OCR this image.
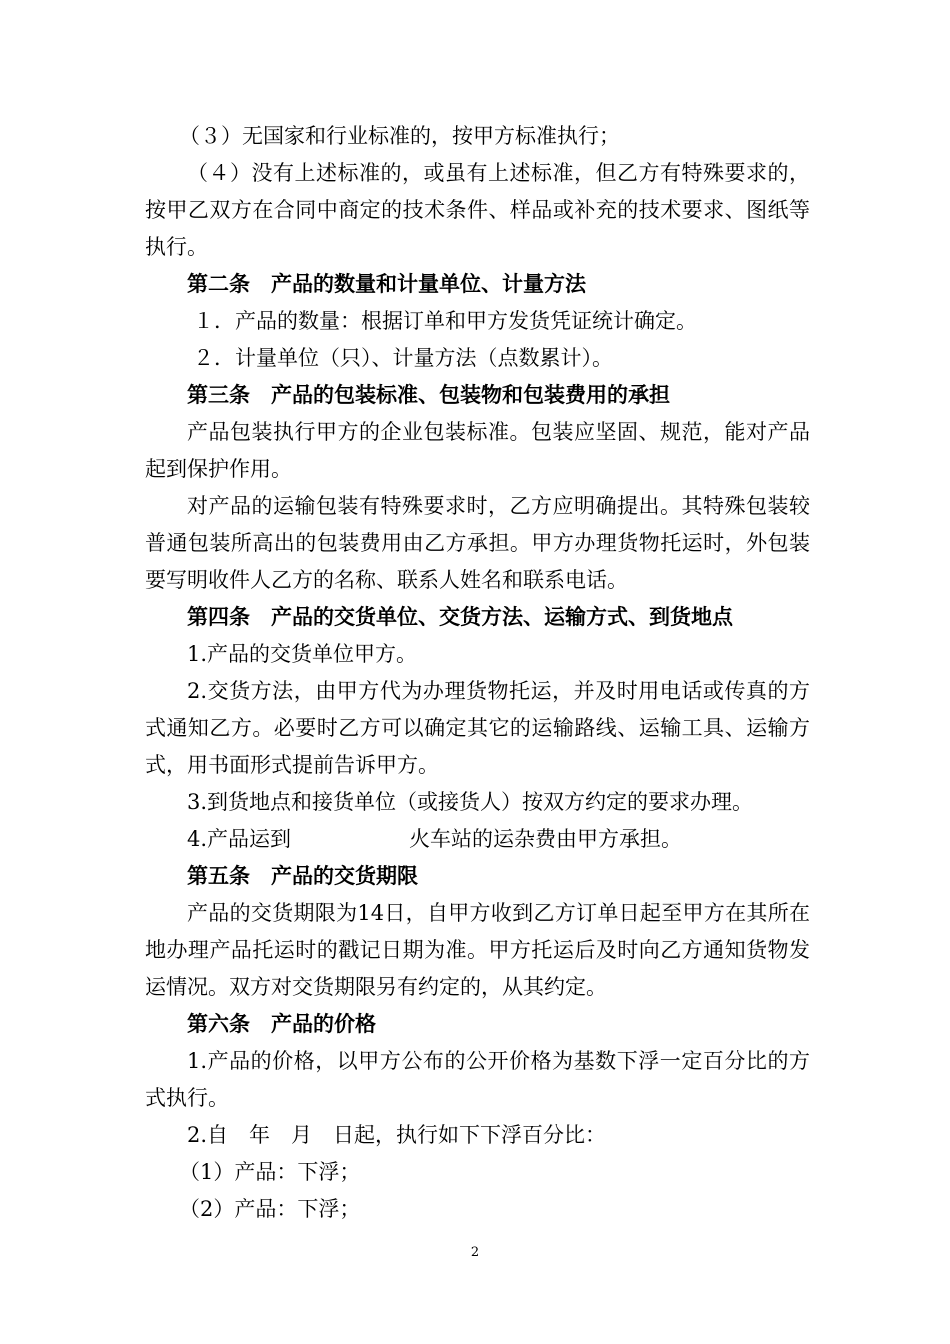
（３）无国家和行业标准的，按甲方标准执行；

（４）没有上述标准的，或虽有上述标准，但乙方有特殊要求的，按甲乙双方在合同中商定的技术条件、样品或补充的技术要求、图纸等执行。

第二条　产品的数量和计量单位、计量方法

１．产品的数量：根据订单和甲方发货凭证统计确定。

２．计量单位（只）、计量方法（点数累计）。

第三条　产品的包装标准、包装物和包装费用的承担

产品包装执行甲方的企业包装标准。包装应坚固、规范，能对产品起到保护作用。

对产品的运输包装有特殊要求时，乙方应明确提出。其特殊包装较普通包装所高出的包装费用由乙方承担。甲方办理货物托运时，外包装要写明收件人乙方的名称、联系人姓名和联系电话。

第四条　产品的交货单位、交货方法、运输方式、到货地点

1.产品的交货单位甲方。

2.交货方法，由甲方代为办理货物托运，并及时用电话或传真的方式通知乙方。必要时乙方可以确定其它的运输路线、运输工具、运输方式，用书面形式提前告诉甲方。

3.到货地点和接货单位（或接货人）按双方约定的要求办理。

4.产品运到	火车站的运杂费由甲方承担。

第五条　产品的交货期限

产品的交货期限为14日，自甲方收到乙方订单日起至甲方在其所在地办理产品托运时的戳记日期为准。甲方托运后及时向乙方通知货物发运情况。双方对交货期限另有约定的，从其约定。

第六条　产品的价格

1.产品的价格，以甲方公布的公开价格为基数下浮一定百分比的方式执行。

2.自　年　月　日起，执行如下下浮百分比：

（1）产品：下浮；

（2）产品：下浮；

2
